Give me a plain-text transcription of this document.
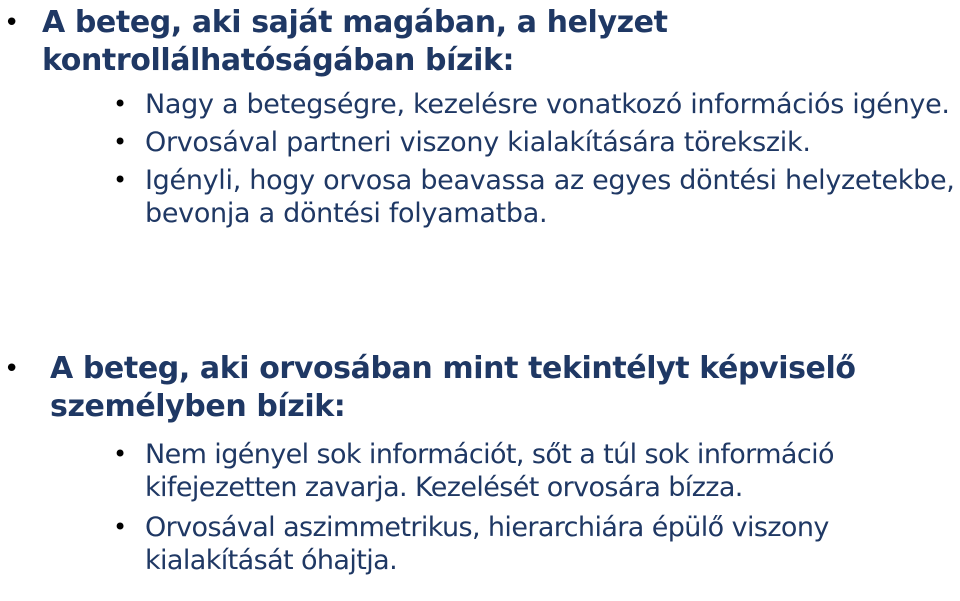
• A beteg, aki saját magában, a helyzet kontrollálhatóságában bízik:

• Nagy a betegségre, kezelésre vonatkozó információs igénye.
• Orvosával partneri viszony kialakítására törekszik.
• Igényli, hogy orvosa beavassa az egyes döntési helyzetekbe, bevonja a döntési folyamatba.

• A beteg, aki orvosában mint tekintélyt képviselő személyben bízik:

• Nem igényel sok információt, sőt a túl sok információ kifejezetten zavarja. Kezelését orvosára bízza.
• Orvosával aszimmetrikus, hierarchiára épülő viszony kialakítását óhajtja.
